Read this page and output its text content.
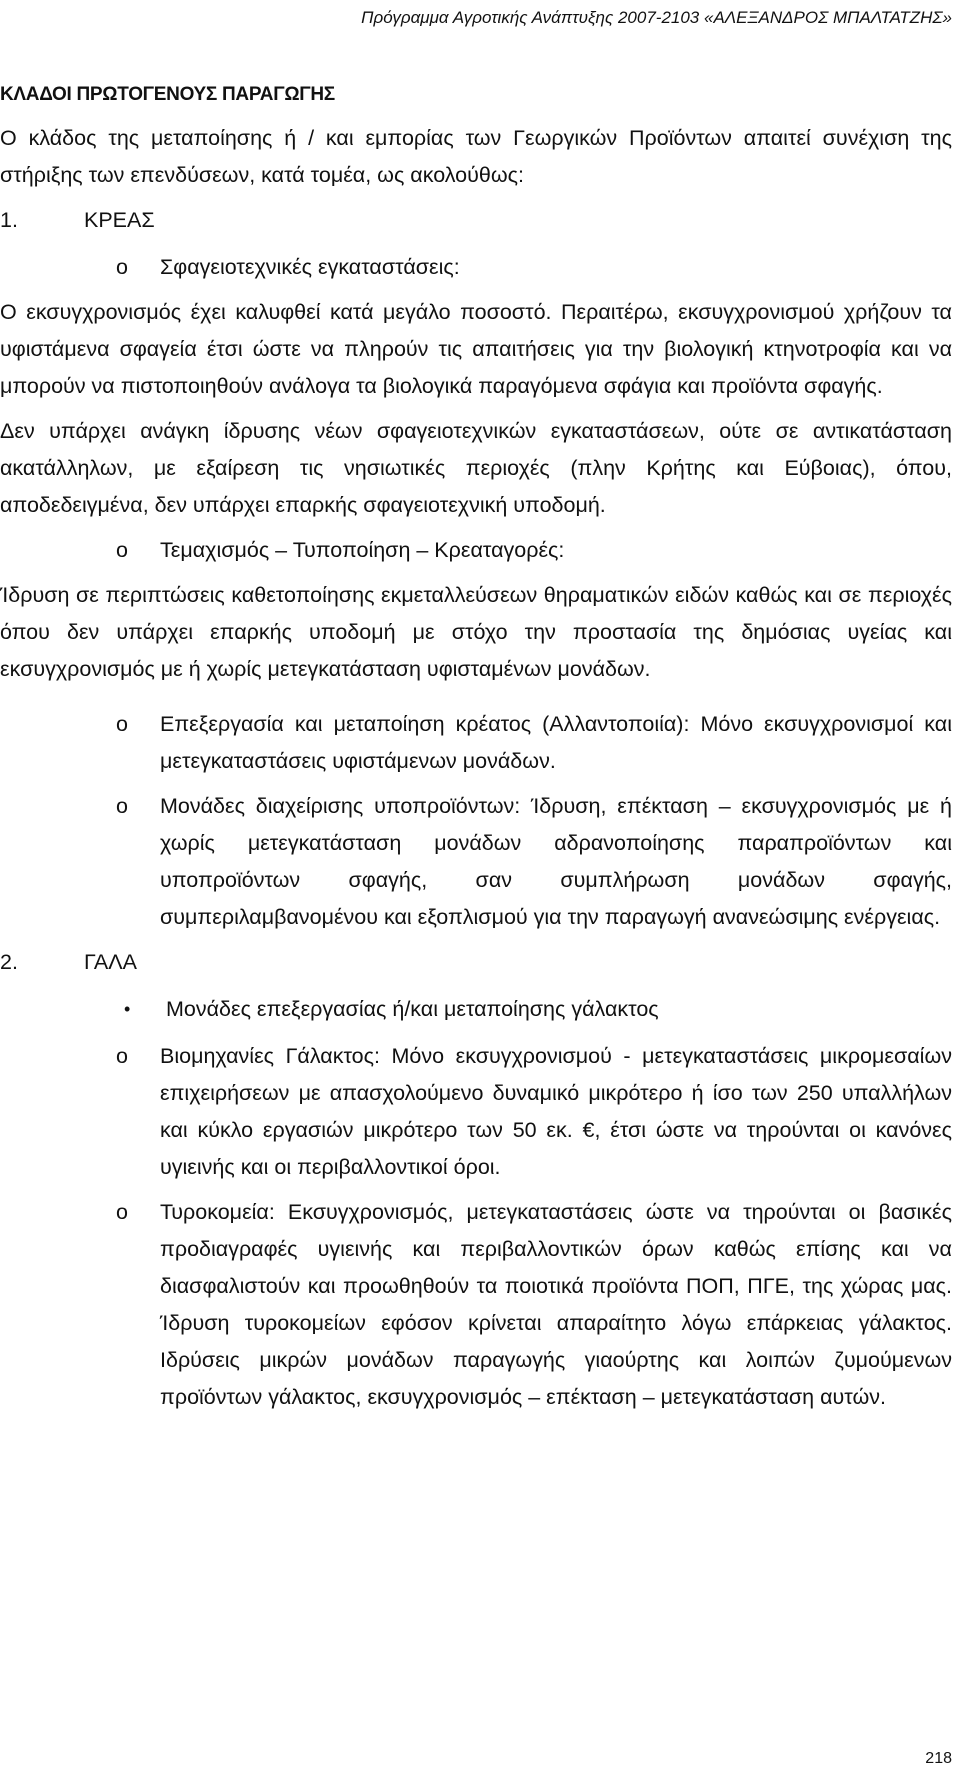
Πρόγραμμα Αγροτικής Ανάπτυξης 2007-2103 «ΑΛΕΞΑΝΔΡΟΣ ΜΠΑΛΤΑΤΖΗΣ»
ΚΛΑΔΟΙ ΠΡΩΤΟΓΕΝΟΥΣ ΠΑΡΑΓΩΓΗΣ

Ο κλάδος της μεταποίησης ή / και εμπορίας των Γεωργικών Προϊόντων απαιτεί συνέχιση της στήριξης των επενδύσεων, κατά τομέα, ως ακολούθως:

1.	ΚΡΕΑΣ
o	Σφαγειοτεχνικές εγκαταστάσεις:

Ο εκσυγχρονισμός έχει καλυφθεί κατά μεγάλο ποσοστό. Περαιτέρω, εκσυγχρονισμού χρήζουν τα υφιστάμενα σφαγεία έτσι ώστε να πληρούν τις απαιτήσεις για την βιολογική κτηνοτροφία και να μπορούν να πιστοποιηθούν ανάλογα τα βιολογικά παραγόμενα σφάγια και προϊόντα σφαγής.

Δεν υπάρχει ανάγκη ίδρυσης νέων σφαγειοτεχνικών εγκαταστάσεων, ούτε σε αντικατάσταση ακατάλληλων, με εξαίρεση τις νησιωτικές περιοχές (πλην Κρήτης και Εύβοιας), όπου, αποδεδειγμένα, δεν υπάρχει επαρκής σφαγειοτεχνική υποδομή.

o	Τεμαχισμός – Τυποποίηση – Κρεαταγορές:

Ίδρυση σε περιπτώσεις καθετοποίησης εκμεταλλεύσεων θηραματικών ειδών καθώς και σε περιοχές όπου δεν υπάρχει επαρκής υποδομή με στόχο την προστασία της δημόσιας υγείας και εκσυγχρονισμός με ή χωρίς μετεγκατάσταση υφισταμένων μονάδων.

o	Επεξεργασία και μεταποίηση κρέατος (Αλλαντοποιία): Μόνο εκσυγχρονισμοί και μετεγκαταστάσεις υφιστάμενων μονάδων.
o	Μονάδες διαχείρισης υποπροϊόντων: Ίδρυση, επέκταση – εκσυγχρονισμός με ή χωρίς μετεγκατάσταση μονάδων αδρανοποίησης παραπροϊόντων και υποπροϊόντων σφαγής, σαν συμπλήρωση μονάδων σφαγής, συμπεριλαμβανομένου και εξοπλισμού για την παραγωγή ανανεώσιμης ενέργειας.
2.	ΓΑΛΑ
•	Μονάδες επεξεργασίας ή/και μεταποίησης γάλακτος
o	Βιομηχανίες Γάλακτος: Μόνο εκσυγχρονισμού - μετεγκαταστάσεις μικρομεσαίων επιχειρήσεων με απασχολούμενο δυναμικό μικρότερο ή ίσο των 250 υπαλλήλων και κύκλο εργασιών μικρότερο των 50 εκ. €, έτσι ώστε να τηρούνται οι κανόνες υγιεινής και οι περιβαλλοντικοί όροι.
o	Τυροκομεία: Εκσυγχρονισμός, μετεγκαταστάσεις ώστε να τηρούνται οι βασικές προδιαγραφές υγιεινής και περιβαλλοντικών όρων καθώς επίσης και να διασφαλιστούν και προωθηθούν τα ποιοτικά προϊόντα ΠΟΠ, ΠΓΕ, της χώρας μας. Ίδρυση τυροκομείων εφόσον κρίνεται απαραίτητο λόγω επάρκειας γάλακτος. Ιδρύσεις μικρών μονάδων παραγωγής γιαούρτης και λοιπών ζυμούμενων προϊόντων γάλακτος, εκσυγχρονισμός – επέκταση – μετεγκατάσταση αυτών.
218
